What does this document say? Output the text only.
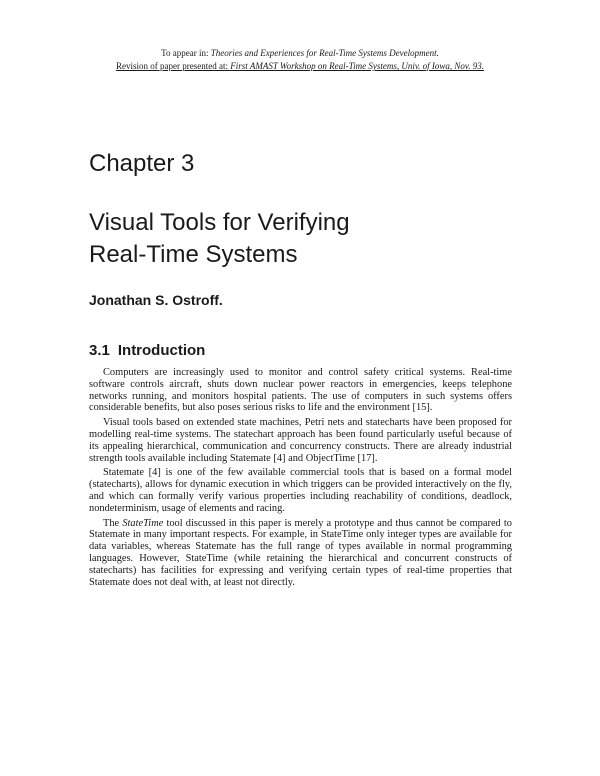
To appear in: Theories and Experiences for Real-Time Systems Development.
Revision of paper presented at: First AMAST Workshop on Real-Time Systems, Univ. of Iowa, Nov. 93.
Chapter 3
Visual Tools for Verifying
Real-Time Systems
Jonathan S. Ostroff.
3.1 Introduction

Computers are increasingly used to monitor and control safety critical systems. Real-time software controls aircraft, shuts down nuclear power reactors in emergencies, keeps telephone networks running, and monitors hospital patients. The use of computers in such systems offers considerable benefits, but also poses serious risks to life and the environment [15].

Visual tools based on extended state machines, Petri nets and statecharts have been proposed for modelling real-time systems. The statechart approach has been found particularly useful because of its appealing hierarchical, communication and concurrency constructs. There are already industrial strength tools available including Statemate [4] and ObjectTime [17].

Statemate [4] is one of the few available commercial tools that is based on a formal model (statecharts), allows for dynamic execution in which triggers can be provided interactively on the fly, and which can formally verify various properties including reachability of conditions, deadlock, nondeterminism, usage of elements and racing.

The StateTime tool discussed in this paper is merely a prototype and thus cannot be compared to Statemate in many important respects. For example, in StateTime only integer types are available for data variables, whereas Statemate has the full range of types available in normal programming languages. However, StateTime (while retaining the hierarchical and concurrent constructs of statecharts) has facilities for expressing and verifying certain types of real-time properties that Statemate does not deal with, at least not directly.
